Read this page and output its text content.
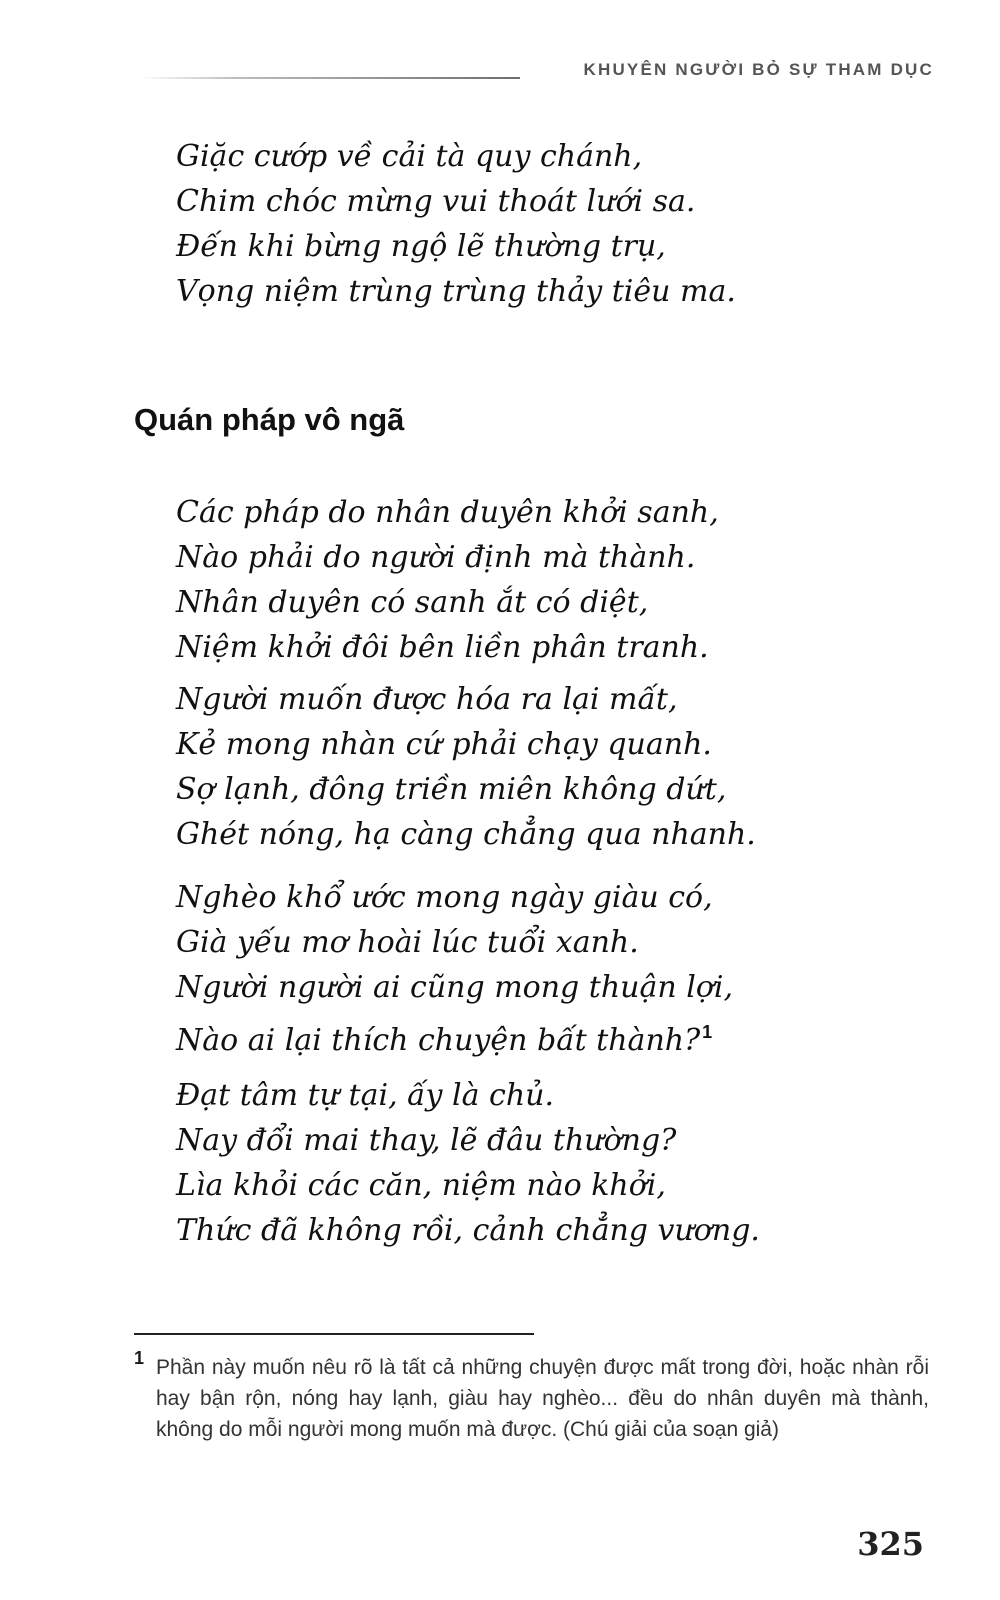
KHUYÊN NGƯỜI BỎ SỰ THAM DỤC
Giặc cướp về cải tà quy chánh,
Chim chóc mừng vui thoát lưới sa.
Đến khi bừng ngộ lẽ thường trụ,
Vọng niệm trùng trùng thảy tiêu ma.
Quán pháp vô ngã
Các pháp do nhân duyên khởi sanh,
Nào phải do người định mà thành.
Nhân duyên có sanh ắt có diệt,
Niệm khởi đôi bên liền phân tranh.
Người muốn được hóa ra lại mất,
Kẻ mong nhàn cứ phải chạy quanh.
Sợ lạnh, đông triền miên không dứt,
Ghét nóng, hạ càng chẳng qua nhanh.
Nghèo khổ ước mong ngày giàu có,
Già yếu mơ hoài lúc tuổi xanh.
Người người ai cũng mong thuận lợi,
Nào ai lại thích chuyện bất thành? $^1$
Đạt tâm tự tại, ấy là chủ.
Nay đổi mai thay, lẽ đâu thường?
Lìa khỏi các căn, niệm nào khởi,
Thức đã không rồi, cảnh chẳng vương.
1 Phần này muốn nêu rõ là tất cả những chuyện được mất trong đời, hoặc nhàn rỗi hay bận rộn, nóng hay lạnh, giàu hay nghèo... đều do nhân duyên mà thành, không do mỗi người mong muốn mà được. (Chú giải của soạn giả)

325
